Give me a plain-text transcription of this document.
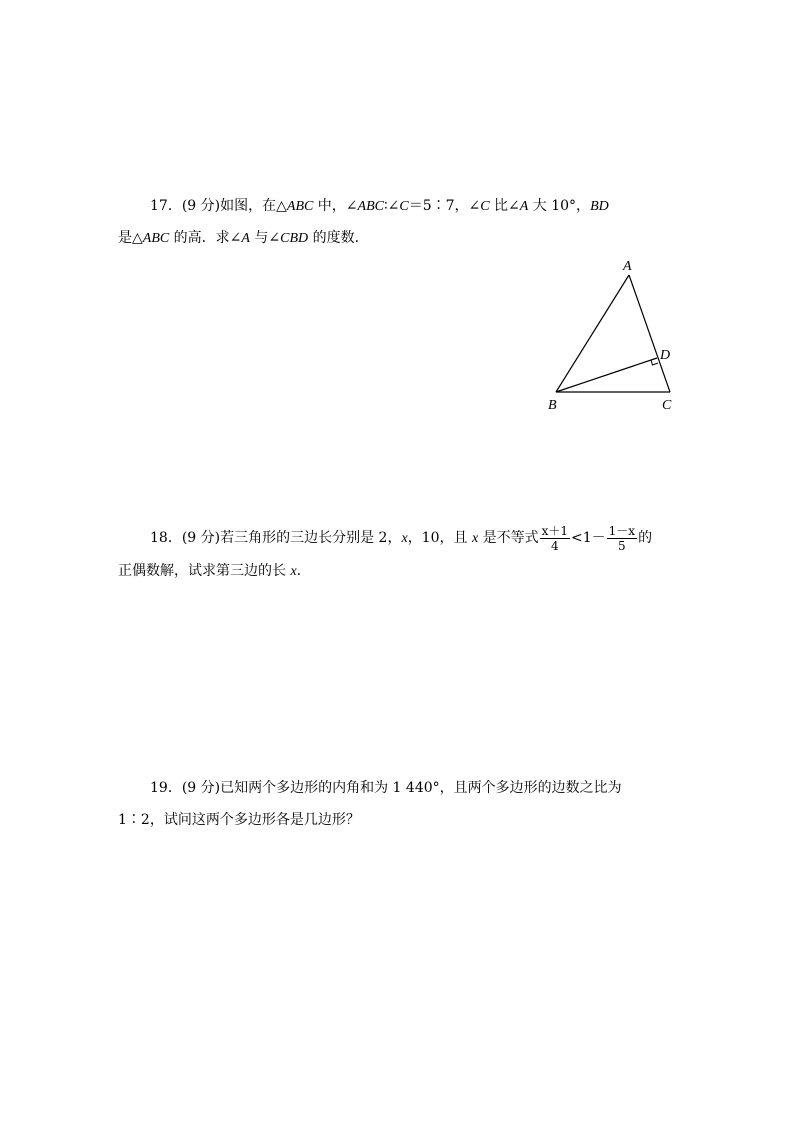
17．(9 分)如图，在△ABC 中，∠ABC∶∠C＝5∶7，∠C 比∠A 大 10°，BD
是△ABC 的高．求∠A 与∠CBD 的度数．
A
B	C
D
18．(9 分)若三角形的三边长分别是 2，x，10，且 x 是不等式 $\frac{x+1}{4} <1- \frac{1-x}{5}$ 的
正偶数解，试求第三边的长 x.
19．(9 分)已知两个多边形的内角和为 1 440°，且两个多边形的边数之比为
1∶2，试问这两个多边形各是几边形？
